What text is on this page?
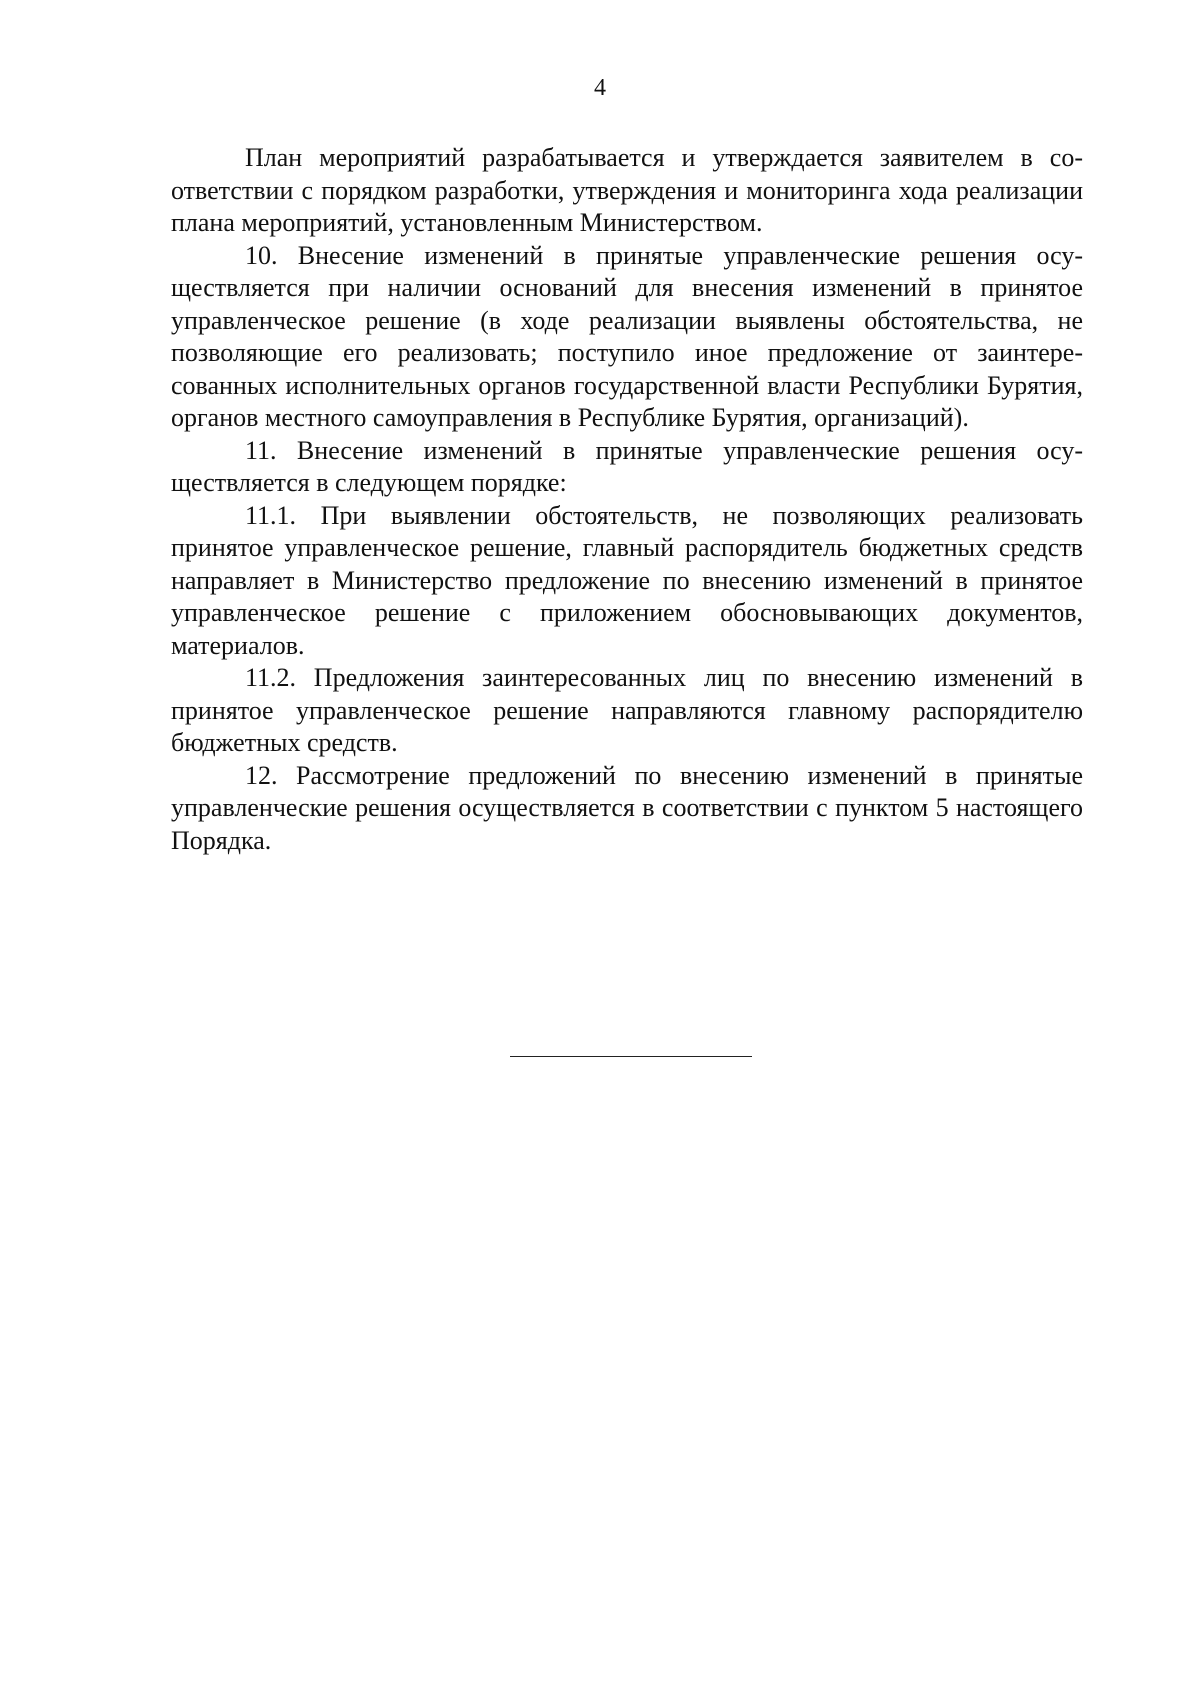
4

План мероприятий разрабатывается и утверждается заявителем в соответствии с порядком разработки, утверждения и мониторинга хода реализации плана мероприятий, установленным Министерством.

10. Внесение изменений в принятые управленческие решения осуществляется при наличии оснований для внесения изменений в принятое управленческое решение (в ходе реализации выявлены обстоятельства, не позволяющие его реализовать; поступило иное предложение от заинтересованных исполнительных органов государственной власти Республики Бурятия, органов местного самоуправления в Республике Бурятия, организаций).

11. Внесение изменений в принятые управленческие решения осуществляется в следующем порядке:

11.1. При выявлении обстоятельств, не позволяющих реализовать принятое управленческое решение, главный распорядитель бюджетных средств направляет в Министерство предложение по внесению изменений в принятое управленческое решение с приложением обосновывающих документов, материалов.

11.2. Предложения заинтересованных лиц по внесению изменений в принятое управленческое решение направляются главному распорядителю бюджетных средств.

12. Рассмотрение предложений по внесению изменений в принятые управленческие решения осуществляется в соответствии с пунктом 5 настоящего Порядка.
